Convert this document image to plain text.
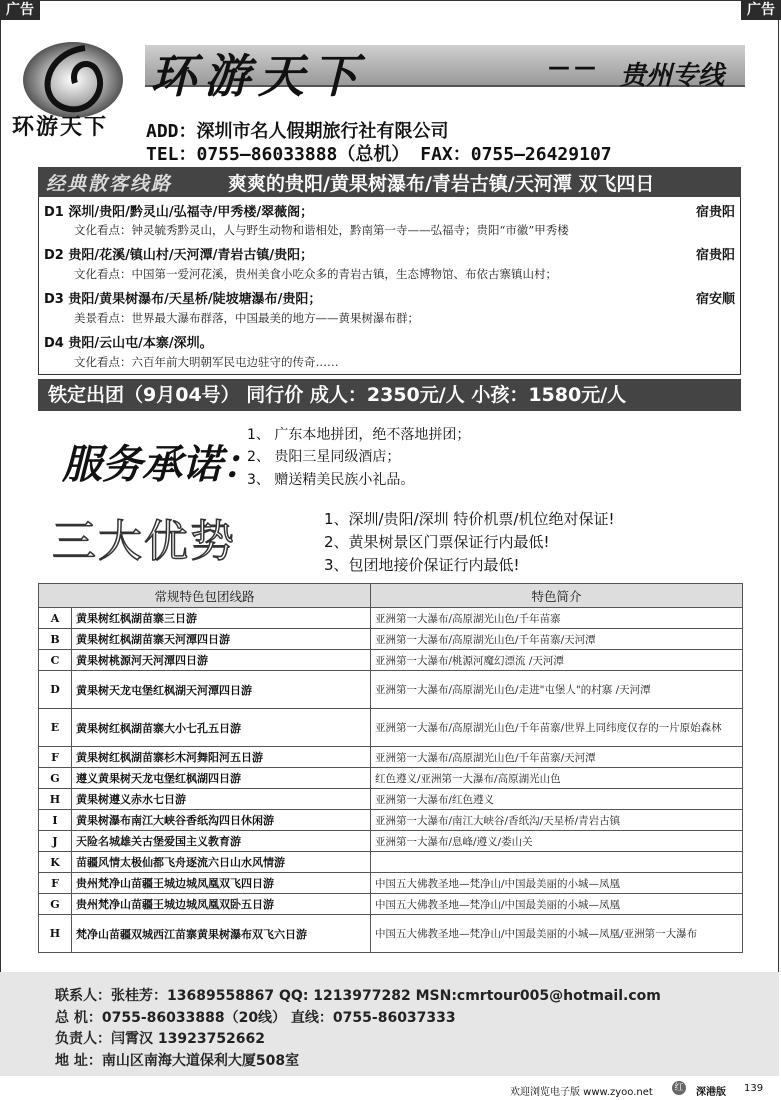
广告	广告
环游天下
环游天下	—— 贵州专线
ADD：深圳市名人假期旅行社有限公司
TEL：0755—86033888（总机） FAX：0755—26429107
经典散客线路	爽爽的贵阳/黄果树瀑布/青岩古镇/天河潭 双飞四日
D1 深圳/贵阳/黔灵山/弘福寺/甲秀楼/翠薇阁；	宿贵阳
文化看点：钟灵毓秀黔灵山，人与野生动物和谐相处，黔南第一寺——弘福寺；贵阳“市徽”甲秀楼
D2 贵阳/花溪/镇山村/天河潭/青岩古镇/贵阳；	宿贵阳
文化看点：中国第一爱河花溪，贵州美食小吃众多的青岩古镇，生态博物馆、布依古寨镇山村；
D3 贵阳/黄果树瀑布/天星桥/陡坡塘瀑布/贵阳；	宿安顺
美景看点：世界最大瀑布群落，中国最美的地方——黄果树瀑布群；
D4 贵阳/云山屯/本寨/深圳。
文化看点：六百年前大明朝军民屯边驻守的传奇……
铁定出团（9月04号） 同行价 成人：2350元/人 小孩：1580元/人
服务承诺：
1、 广东本地拼团，绝不落地拼团；
2、 贵阳三星同级酒店；
3、 赠送精美民族小礼品。
三大优势	1、深圳/贵阳/深圳 特价机票/机位绝对保证!
2、黄果树景区门票保证行内最低!
3、包团地接价保证行内最低!
常规特色包团线路		特色简介
A	黄果树红枫湖苗寨三日游	亚洲第一大瀑布/高原湖光山色/千年苗寨
B	黄果树红枫湖苗寨天河潭四日游	亚洲第一大瀑布/高原湖光山色/千年苗寨/天河潭
C	黄果树桃源河天河潭四日游	亚洲第一大瀑布/桃源河魔幻漂流 /天河潭
D	黄果树天龙屯堡红枫湖天河潭四日游	亚洲第一大瀑布/高原湖光山色/走进"屯堡人"的村寨 /天河潭
E	黄果树红枫湖苗寨大小七孔五日游	亚洲第一大瀑布/高原湖光山色/千年苗寨/世界上同纬度仅存的一片原始森林
F	黄果树红枫湖苗寨杉木河舞阳河五日游	亚洲第一大瀑布/高原湖光山色/千年苗寨/天河潭
G	遵义黄果树天龙屯堡红枫湖四日游	红色遵义/亚洲第一大瀑布/高原湖光山色
H	黄果树遵义赤水七日游	亚洲第一大瀑布/红色遵义
I	黄果树瀑布南江大峡谷香纸沟四日休闲游	亚洲第一大瀑布/南江大峡谷/香纸沟/天星桥/青岩古镇
J	天险名城雄关古堡爱国主义教育游	亚洲第一大瀑布/息峰/遵义/娄山关
K	苗疆风情太极仙都飞舟逐流六日山水风情游	
F	贵州梵净山苗疆王城边城凤凰双飞四日游	中国五大佛教圣地—梵净山/中国最美丽的小城—凤凰
G	贵州梵净山苗疆王城边城凤凰双卧五日游	中国五大佛教圣地—梵净山/中国最美丽的小城—凤凰
H	梵净山苗疆双城西江苗寨黄果树瀑布双飞六日游	中国五大佛教圣地—梵净山/中国最美丽的小城—凤凰/亚洲第一大瀑布
联系人：张桂芳：13689558867 QQ: 1213977282 MSN:cmrtour005@hotmail.com
总 机：0755-86033888（20线） 直线：0755-86037333
负责人：闫霄汉 13923752662
地 址：南山区南海大道保利大厦508室
欢迎浏览电子版 www.zyoo.net 红 深港版 139
